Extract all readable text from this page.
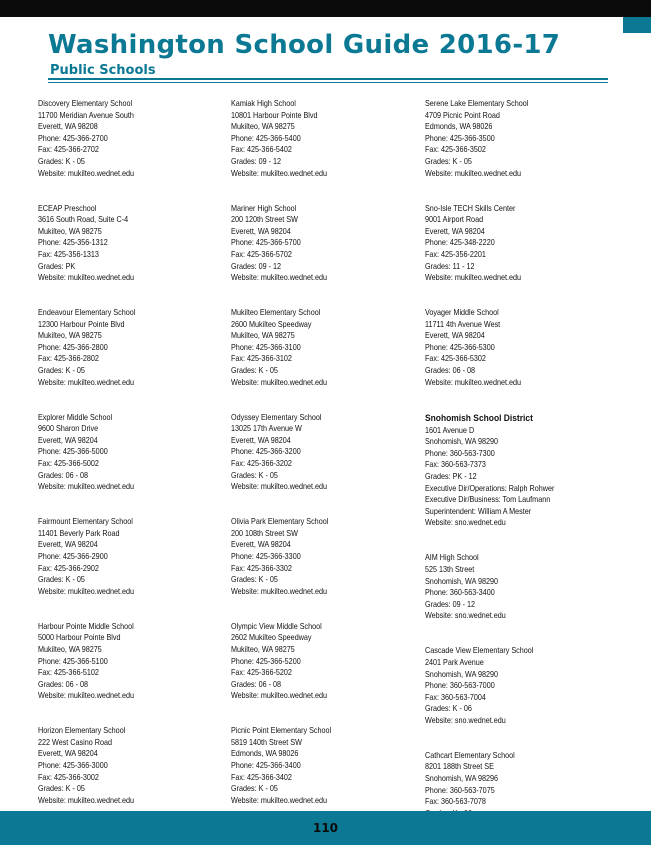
Washington School Guide 2016-17
Public Schools
Discovery Elementary School
11700 Meridian Avenue South
Everett, WA 98208
Phone: 425-366-2700
Fax: 425-366-2702
Grades: K - 05
Website: mukilteo.wednet.edu
ECEAP Preschool
3616 South Road, Suite C-4
Mukilteo, WA 98275
Phone: 425-356-1312
Fax: 425-356-1313
Grades: PK
Website: mukilteo.wednet.edu
Endeavour Elementary School
12300 Harbour Pointe Blvd
Mukilteo, WA 98275
Phone: 425-366-2800
Fax: 425-366-2802
Grades: K - 05
Website: mukilteo.wednet.edu
Explorer Middle School
9600 Sharon Drive
Everett, WA 98204
Phone: 425-366-5000
Fax: 425-366-5002
Grades: 06 - 08
Website: mukilteo.wednet.edu
Fairmount Elementary School
11401 Beverly Park Road
Everett, WA 98204
Phone: 425-366-2900
Fax: 425-366-2902
Grades: K - 05
Website: mukilteo.wednet.edu
Harbour Pointe Middle School
5000 Harbour Pointe Blvd
Mukilteo, WA 98275
Phone: 425-366-5100
Fax: 425-366-5102
Grades: 06 - 08
Website: mukilteo.wednet.edu
Horizon Elementary School
222 West Casino Road
Everett, WA 98204
Phone: 425-366-3000
Fax: 425-366-3002
Grades: K - 05
Website: mukilteo.wednet.edu
Kamiak High School
10801 Harbour Pointe Blvd
Mukilteo, WA 98275
Phone: 425-366-5400
Fax: 425-366-5402
Grades: 09 - 12
Website: mukilteo.wednet.edu
Mariner High School
200 120th Street SW
Everett, WA 98204
Phone: 425-366-5700
Fax: 425-366-5702
Grades: 09 - 12
Website: mukilteo.wednet.edu
Mukilteo Elementary School
2600 Mukilteo Speedway
Mukilteo, WA 98275
Phone: 425-366-3100
Fax: 425-366-3102
Grades: K - 05
Website: mukilteo.wednet.edu
Odyssey Elementary School
13025 17th Avenue W
Everett, WA 98204
Phone: 425-366-3200
Fax: 425-366-3202
Grades: K - 05
Website: mukilteo.wednet.edu
Olivia Park Elementary School
200 108th Street SW
Everett, WA 98204
Phone: 425-366-3300
Fax: 425-366-3302
Grades: K - 05
Website: mukilteo.wednet.edu
Olympic View Middle School
2602 Mukilteo Speedway
Mukilteo, WA 98275
Phone: 425-366-5200
Fax: 425-366-5202
Grades: 06 - 08
Website: mukilteo.wednet.edu
Picnic Point Elementary School
5819 140th Street SW
Edmonds, WA 98026
Phone: 425-366-3400
Fax: 425-366-3402
Grades: K - 05
Website: mukilteo.wednet.edu
Serene Lake Elementary School
4709 Picnic Point Road
Edmonds, WA 98026
Phone: 425-366-3500
Fax: 425-366-3502
Grades: K - 05
Website: mukilteo.wednet.edu
Sno-Isle TECH Skills Center
9001 Airport Road
Everett, WA 98204
Phone: 425-348-2220
Fax: 425-356-2201
Grades: 11 - 12
Website: mukilteo.wednet.edu
Voyager Middle School
11711 4th Avenue West
Everett, WA 98204
Phone: 425-366-5300
Fax: 425-366-5302
Grades: 06 - 08
Website: mukilteo.wednet.edu
Snohomish School District
1601 Avenue D
Snohomish, WA 98290
Phone: 360-563-7300
Fax: 360-563-7373
Grades: PK - 12
Executive Dir/Operations: Ralph Rohwer
Executive Dir/Business: Tom Laufmann
Superintendent: William A Mester
Website: sno.wednet.edu
AIM High School
525 13th Street
Snohomish, WA 98290
Phone: 360-563-3400
Grades: 09 - 12
Website: sno.wednet.edu
Cascade View Elementary School
2401 Park Avenue
Snohomish, WA 98290
Phone: 360-563-7000
Fax: 360-563-7004
Grades: K - 06
Website: sno.wednet.edu
Cathcart Elementary School
8201 188th Street SE
Snohomish, WA 98296
Phone: 360-563-7075
Fax: 360-563-7078
110
